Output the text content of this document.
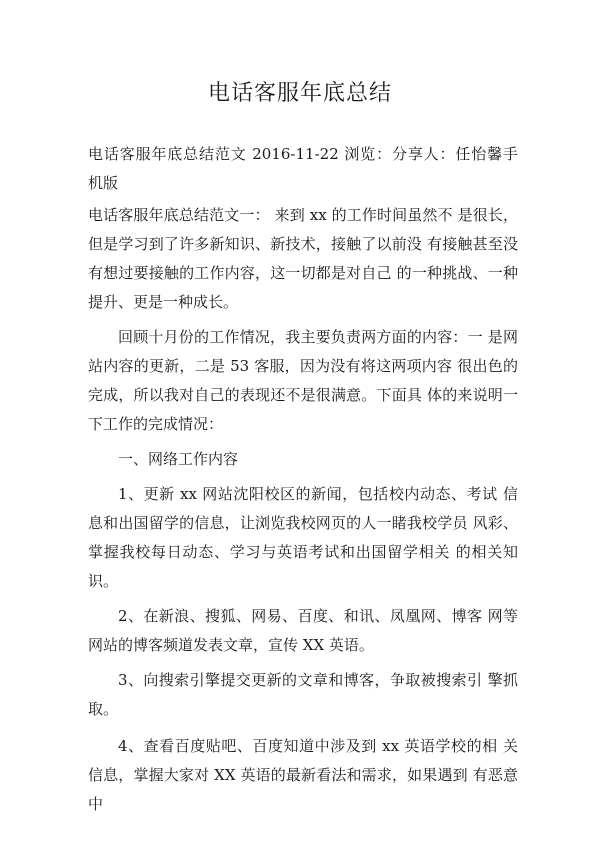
电话客服年底总结

电话客服年底总结范文 2016-11-22 浏览：分享人：任怡馨手 机版

电话客服年底总结范文一： 来到 xx 的工作时间虽然不 是很长，但是学习到了许多新知识、新技术，接触了以前没 有接触甚至没有想过要接触的工作内容，这一切都是对自己 的一种挑战、一种提升、更是一种成长。

回顾十月份的工作情况，我主要负责两方面的内容：一 是网站内容的更新，二是 53 客服，因为没有将这两项内容 很出色的完成，所以我对自己的表现还不是很满意。下面具 体的来说明一下工作的完成情况：

一、网络工作内容

1、更新 xx 网站沈阳校区的新闻，包括校内动态、考试 信息和出国留学的信息，让浏览我校网页的人一睹我校学员 风彩、掌握我校每日动态、学习与英语考试和出国留学相关 的相关知识。

2、在新浪、搜狐、网易、百度、和讯、凤凰网、博客 网等网站的博客频道发表文章，宣传 XX 英语。

3、向搜索引擎提交更新的文章和博客，争取被搜索引 擎抓取。

4、查看百度贴吧、百度知道中涉及到 xx 英语学校的相 关信息，掌握大家对 XX 英语的最新看法和需求，如果遇到 有恶意中
